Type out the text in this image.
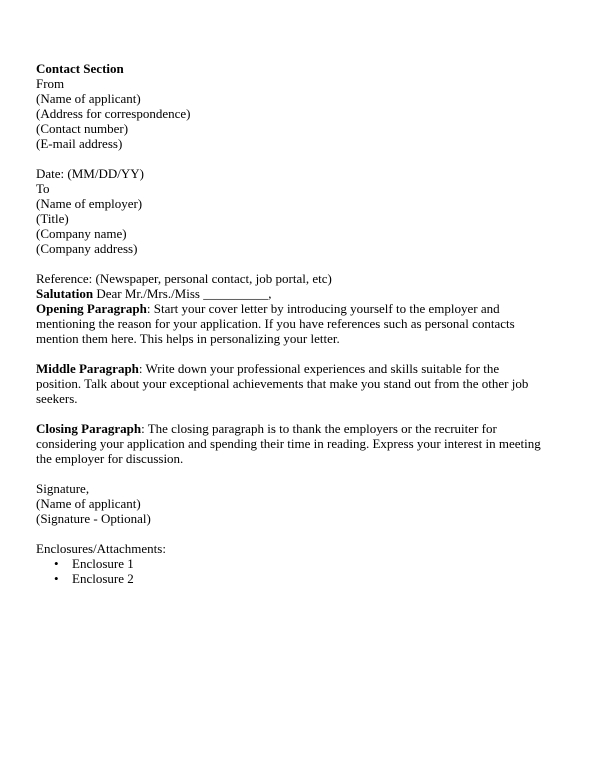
Contact Section
From
(Name of applicant)
(Address for correspondence)
(Contact number)
(E-mail address)
Date: (MM/DD/YY)
To
(Name of employer)
(Title)
(Company name)
(Company address)
Reference: (Newspaper, personal contact, job portal, etc)
Salutation Dear Mr./Mrs./Miss __________,
Opening Paragraph: Start your cover letter by introducing yourself to the employer and mentioning the reason for your application. If you have references such as personal contacts mention them here. This helps in personalizing your letter.
Middle Paragraph: Write down your professional experiences and skills suitable for the position. Talk about your exceptional achievements that make you stand out from the other job seekers.
Closing Paragraph: The closing paragraph is to thank the employers or the recruiter for considering your application and spending their time in reading. Express your interest in meeting the employer for discussion.
Signature,
(Name of applicant)
(Signature - Optional)
Enclosures/Attachments:
•	Enclosure 1
•	Enclosure 2
